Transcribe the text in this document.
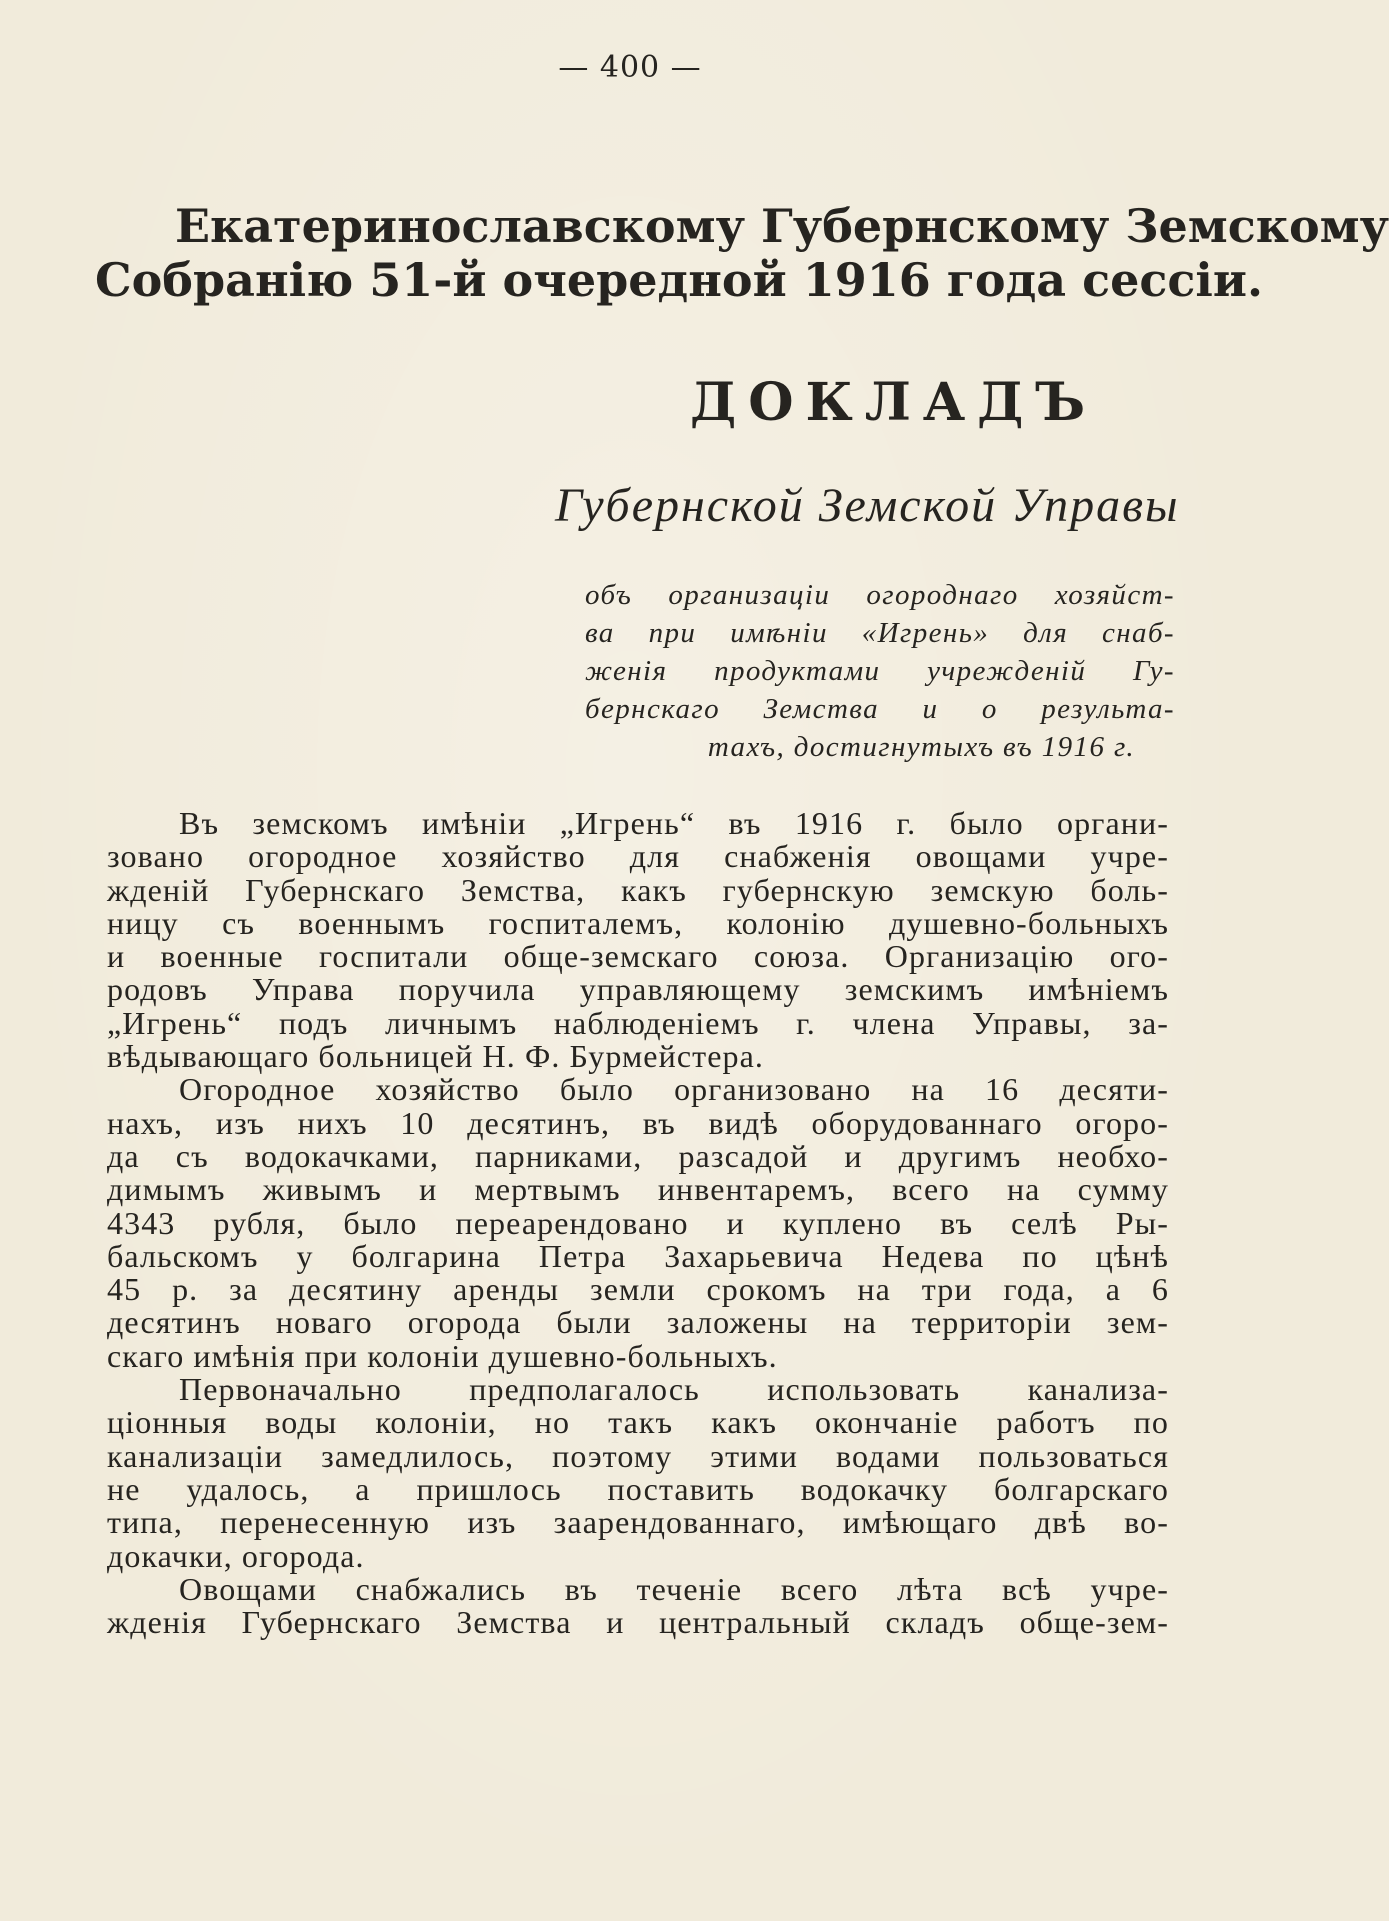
— 400 —
Екатеринославскому Губернскому Земскому
Собранію 51-й очередной 1916 года сессіи.
ДОКЛАДЪ
Губернской Земской Управы
объ организаціи огороднаго хозяйст-
ва при имѣніи «Игрень» для снаб-
женія продуктами учрежденій Гу-
бернскаго Земства и о результа-
тахъ, достигнутыхъ въ 1916 г.
Въ земскомъ имѣніи „Игрень“ въ 1916 г. было органи-
зовано огородное хозяйство для снабженія овощами учре-
жденій Губернскаго Земства, какъ губернскую земскую боль-
ницу съ военнымъ госпиталемъ, колонію душевно-больныхъ
и военные госпитали обще-земскаго союза. Организацію ого-
родовъ Управа поручила управляющему земскимъ имѣніемъ
„Игрень“ подъ личнымъ наблюденіемъ г. члена Управы, за-
вѣдывающаго больницей Н. Ф. Бурмейстера.
Огородное хозяйство было организовано на 16 десяти-
нахъ, изъ нихъ 10 десятинъ, въ видѣ оборудованнаго огоро-
да съ водокачками, парниками, разсадой и другимъ необхо-
димымъ живымъ и мертвымъ инвентаремъ, всего на сумму
4343 рубля, было переарендовано и куплено въ селѣ Ры-
бальскомъ у болгарина Петра Захарьевича Недева по цѣнѣ
45 р. за десятину аренды земли срокомъ на три года, а 6
десятинъ новаго огорода были заложены на территоріи зем-
скаго имѣнія при колоніи душевно-больныхъ.
Первоначально предполагалось использовать канализа-
ціонныя воды колоніи, но такъ какъ окончаніе работъ по
канализаціи замедлилось, поэтому этими водами пользоваться
не удалось, а пришлось поставить водокачку болгарскаго
типа, перенесенную изъ заарендованнаго, имѣющаго двѣ во-
докачки, огорода.
Овощами снабжались въ теченіе всего лѣта всѣ учре-
жденія Губернскаго Земства и центральный складъ обще-зем-
